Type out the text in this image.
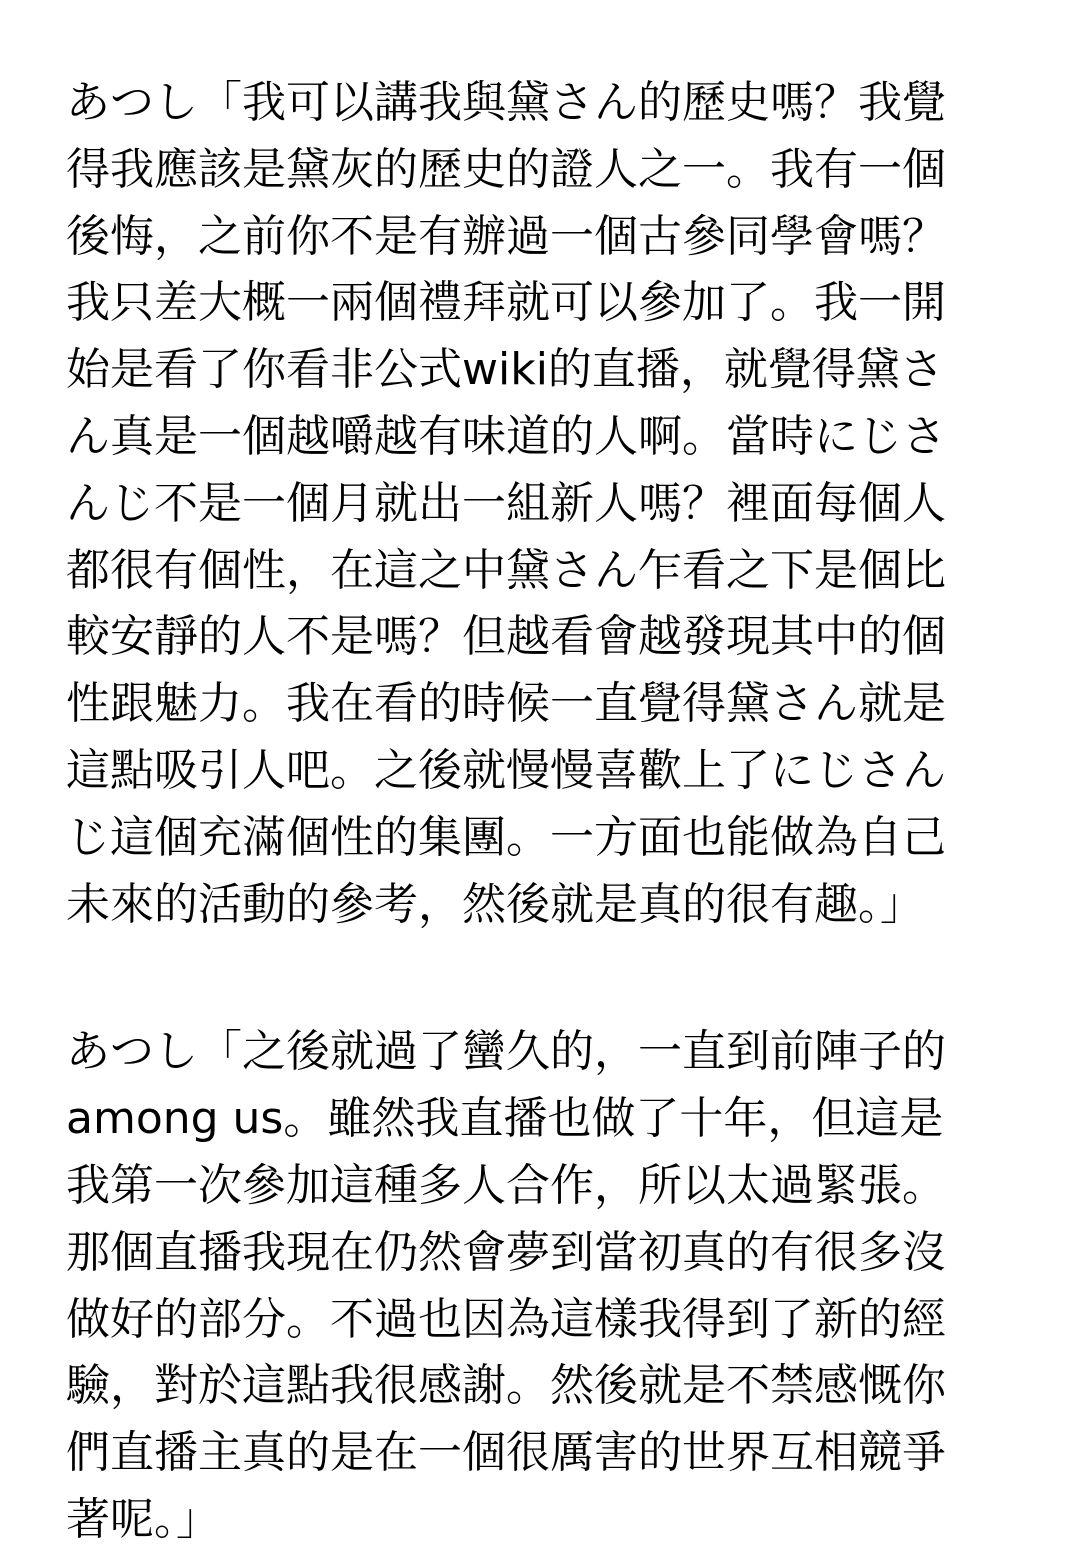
あつし「我可以講我與黛さん的歷史嗎？我覺
得我應該是黛灰的歷史的證人之一。我有一個
後悔，之前你不是有辦過一個古參同學會嗎？
我只差大概一兩個禮拜就可以參加了。我一開
始是看了你看非公式wiki的直播，就覺得黛さ
ん真是一個越嚼越有味道的人啊。當時にじさ
んじ不是一個月就出一組新人嗎？裡面每個人
都很有個性，在這之中黛さん乍看之下是個比
較安靜的人不是嗎？但越看會越發現其中的個
性跟魅力。我在看的時候一直覺得黛さん就是
這點吸引人吧。之後就慢慢喜歡上了にじさん
じ這個充滿個性的集團。一方面也能做為自己
未來的活動的參考，然後就是真的很有趣。」
あつし「之後就過了蠻久的，一直到前陣子的
among us。雖然我直播也做了十年，但這是
我第一次參加這種多人合作，所以太過緊張。
那個直播我現在仍然會夢到當初真的有很多沒
做好的部分。不過也因為這樣我得到了新的經
驗，對於這點我很感謝。然後就是不禁感慨你
們直播主真的是在一個很厲害的世界互相競爭
著呢。」
